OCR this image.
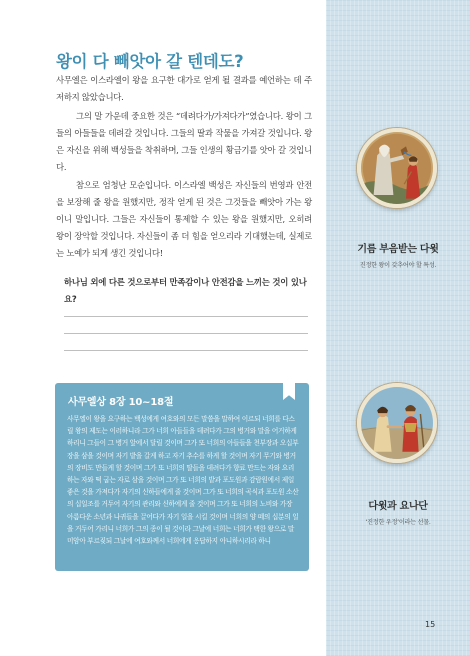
왕이 다 빼앗아 갈 텐데도?

사무엘은 이스라엘이 왕을 요구한 대가로 얻게 될 결과를 예언하는 데 주저하지 않았습니다.

그의 말 가운데 중요한 것은 “데려다가/가져다가”였습니다. 왕이 그들의 아들들을 데려갈 것입니다. 그들의 딸과 작물을 가져갈 것입니다. 왕은 자신을 위해 백성들을 착취하며, 그들 인생의 황금기를 앗아 갈 것입니다.

참으로 엄청난 모순입니다. 이스라엘 백성은 자신들의 번영과 안전을 보장해 줄 왕을 원했지만, 정작 얻게 된 것은 그것들을 빼앗아 가는 왕이니 말입니다. 그들은 자신들이 통제할 수 있는 왕을 원했지만, 오히려 왕이 장악할 것입니다. 자신들이 좀 더 힘을 얻으리라 기대했는데, 실제로는 노예가 되게 생긴 것입니다!

하나님 외에 다른 것으로부터 만족감이나 안전감을 느끼는 것이 있나요?
사무엘상 8장 10~18절
사무엘이 왕을 요구하는 백성에게 여호와의 모든 말씀을 말하여 이르되 너희를 다스릴 왕의 제도는 이러하니라 그가 너희 아들들을 데려다가 그의 병거와 말을 어거하게 하리니 그들이 그 병거 앞에서 달릴 것이며 그가 또 너희의 아들들을 천부장과 오십부장을 삼을 것이며 자기 밭을 갈게 하고 자기 추수를 하게 할 것이며 자기 무기와 병거의 장비도 만들게 할 것이며 그가 또 너희의 딸들을 데려다가 향료 만드는 자와 요리하는 자와 떡 굽는 자로 삼을 것이며 그가 또 너희의 밭과 포도원과 감람원에서 제일 좋은 것을 가져다가 자기의 신하들에게 줄 것이며 그가 또 너희의 곡식과 포도원 소산의 십일조를 거두어 자기의 관리와 신하에게 줄 것이며 그가 또 너희의 노비와 가장 아름다운 소년과 나귀들을 끌어다가 자기 일을 시킬 것이며 너희의 양 떼의 십분의 일을 거두어 가리니 너희가 그의 종이 될 것이라 그날에 너희는 너희가 택한 왕으로 말미암아 부르짖되 그날에 여호와께서 너희에게 응답하지 아니하시리라 하니
기름 부음받는 다윗
진정한 왕이 갖추어야 할 특성.
다윗과 요나단
‘진정한 우정’이라는 선물.
15
